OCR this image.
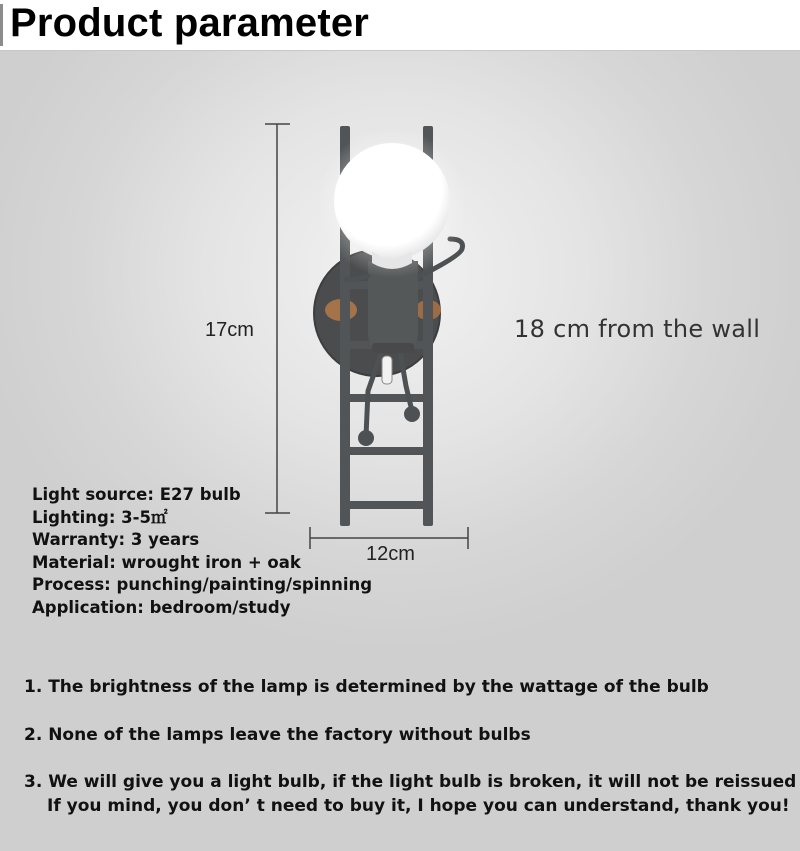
Product parameter
17cm
12cm
18 cm from the wall
Light source: E27 bulb
Lighting: 3-5㎡
Warranty: 3 years
Material: wrought iron + oak
Process: punching/painting/spinning
Application: bedroom/study
1. The brightness of the lamp is determined by the wattage of the bulb
2. None of the lamps leave the factory without bulbs
3. We will give you a light bulb, if the light bulb is broken, it will not be reissued
If you mind, you don’ t need to buy it, I hope you can understand, thank you!
